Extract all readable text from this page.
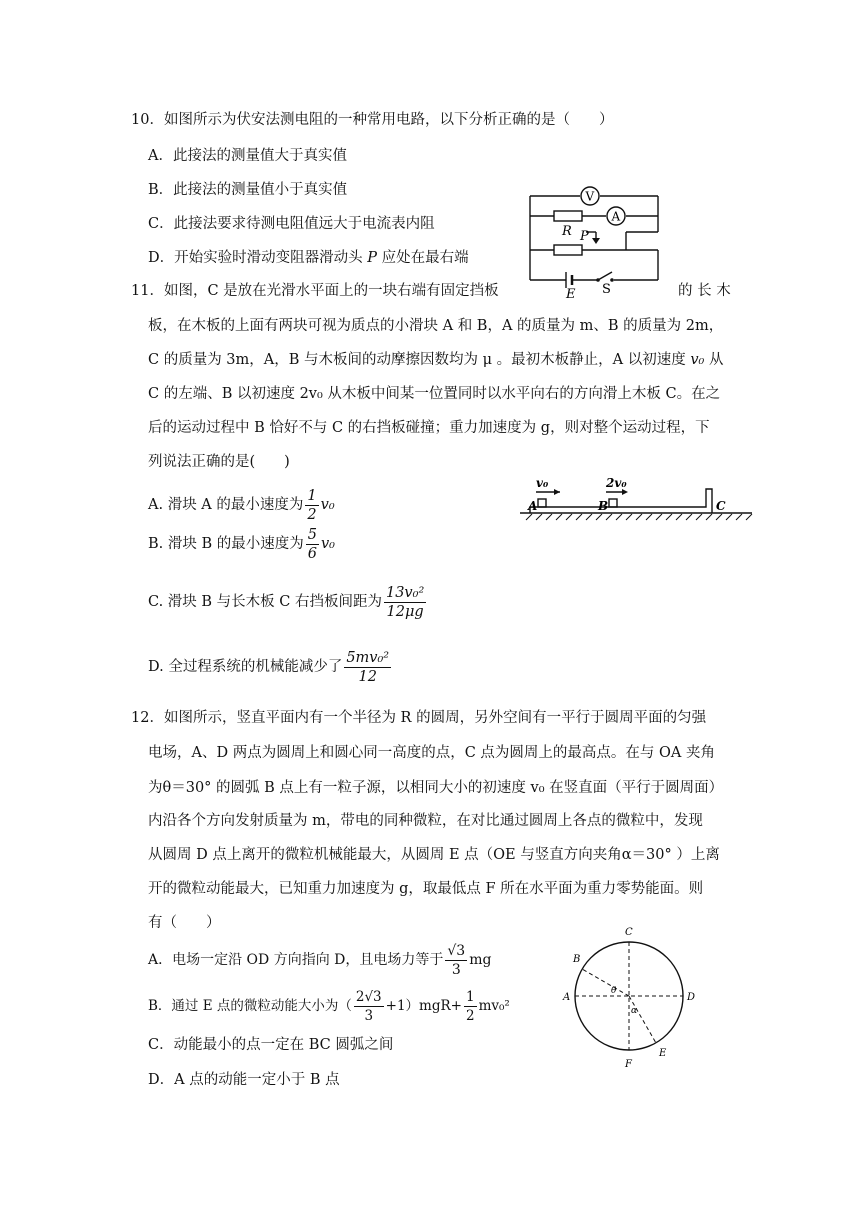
10．如图所示为伏安法测电阻的一种常用电路，以下分析正确的是（　　）
A．此接法的测量值大于真实值
B．此接法的测量值小于真实值
C．此接法要求待测电阻值远大于电流表内阻
D．开始实验时滑动变阻器滑动头 P 应处在最右端
V
A
R P
E S
11．如图，C 是放在光滑水平面上的一块右端有固定挡板	的 长 木
板，在木板的上面有两块可视为质点的小滑块 A 和 B，A 的质量为 m、B 的质量为 2m，
C 的质量为 3m，A，B 与木板间的动摩擦因数均为 μ 。最初木板静止，A 以初速度 v₀ 从
C 的左端、B 以初速度 2v₀ 从木板中间某一位置同时以水平向右的方向滑上木板 C。在之
后的运动过程中 B 恰好不与 C 的右挡板碰撞；重力加速度为 g，则对整个运动过程，下
列说法正确的是(　　)
A. 滑块 A 的最小速度为 $\frac{1}{2} v_0$
B. 滑块 B 的最小速度为 $\frac{5}{6} v_0$
C. 滑块 B 与长木板 C 右挡板间距为 $\frac{\text{13v₀²}}{12\mu g}$
D. 全过程系统的机械能减少了 $\frac{\text{5mv₀²}}{12}$
v₀	2v₀
A	B	C
12．如图所示，竖直平面内有一个半径为 R 的圆周，另外空间有一平行于圆周平面的匀强
电场，A、D 两点为圆周上和圆心同一高度的点，C 点为圆周上的最高点。在与 OA 夹角
为θ＝30° 的圆弧 B 点上有一粒子源，以相同大小的初速度 v₀ 在竖直面（平行于圆周面）
内沿各个方向发射质量为 m，带电的同种微粒，在对比通过圆周上各点的微粒中，发现
从圆周 D 点上离开的微粒机械能最大，从圆周 E 点（OE 与竖直方向夹角α＝30° ）上离
开的微粒动能最大，已知重力加速度为 g，取最低点 F 所在水平面为重力零势能面。则
有（　　）
A．电场一定沿 OD 方向指向 D，且电场力等于 $\frac{√3}{3}$ mg
B．通过 E 点的微粒动能大小为（ $\frac{2√3}{3} +1)mgR+ \frac{1}{2} mv_0^2$
C．动能最小的点一定在 BC 圆弧之间
D．A 点的动能一定小于 B 点
C
B
A	D
E
F
θ
α
